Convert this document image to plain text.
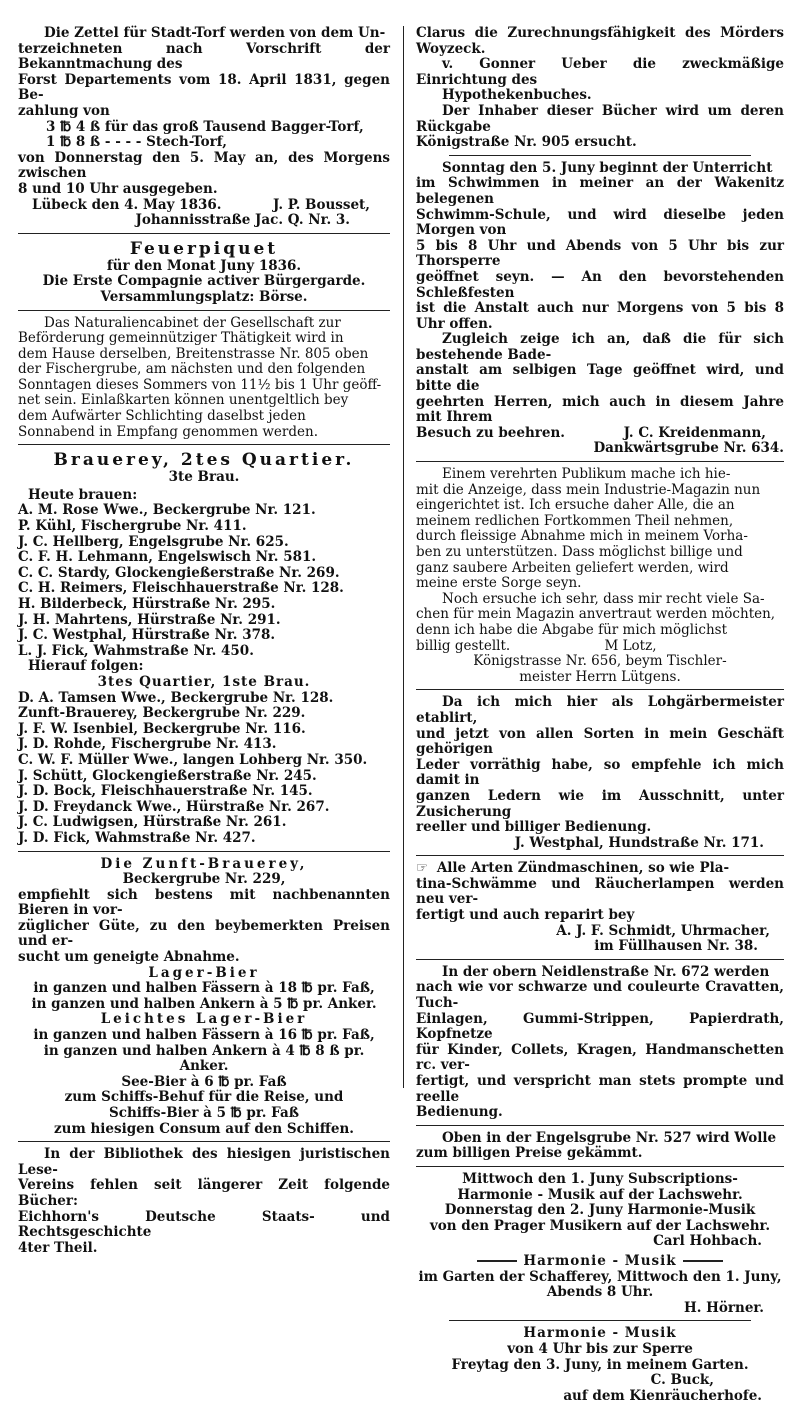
Die Zettel für Stadt-Torf werden von dem Un-

terzeichneten nach Vorschrift der Bekanntmachung des

Forst Departements vom 18. April 1831, gegen Be-

zahlung von

3 ℔ 4 ß für das groß Tausend Bagger-Torf,

1 ℔ 8 ß - - - - Stech-Torf,

von Donnerstag den 5. May an, des Morgens zwischen

8 und 10 Uhr ausgegeben.

Lübeck den 4. May 1836.	J. P. Bousset,

Johannisstraße Jac. Q. Nr. 3.

Feuerpiquet

für den Monat Juny 1836.

Die Erste Compagnie activer Bürgergarde.

Versammlungsplatz: Börse.

Das Naturaliencabinet der Gesellschaft zur

Beförderung gemeinnütziger Thätigkeit wird in

dem Hause derselben, Breitenstrasse Nr. 805 oben

der Fischergrube, am nächsten und den folgenden

Sonntagen dieses Sommers von 11½ bis 1 Uhr geöff-

net sein. Einlaßkarten können unentgeltlich bey

dem Aufwärter Schlichting daselbst jeden

Sonnabend in Empfang genommen werden.

Brauerey, 2tes Quartier.

3te Brau.

Heute brauen:

A. M. Rose Wwe., Beckergrube Nr. 121.

P. Kühl, Fischergrube Nr. 411.

J. C. Hellberg, Engelsgrube Nr. 625.

C. F. H. Lehmann, Engelswisch Nr. 581.

C. C. Stardy, Glockengießerstraße Nr. 269.

C. H. Reimers, Fleischhauerstraße Nr. 128.

H. Bilderbeck, Hürstraße Nr. 295.

J. H. Mahrtens, Hürstraße Nr. 291.

J. C. Westphal, Hürstraße Nr. 378.

L. J. Fick, Wahmstraße Nr. 450.

Hierauf folgen:

3tes Quartier, 1ste Brau.

D. A. Tamsen Wwe., Beckergrube Nr. 128.

Zunft-Brauerey, Beckergrube Nr. 229.

J. F. W. Isenbiel, Beckergrube Nr. 116.

J. D. Rohde, Fischergrube Nr. 413.

C. W. F. Müller Wwe., langen Lohberg Nr. 350.

J. Schütt, Glockengießerstraße Nr. 245.

J. D. Bock, Fleischhauerstraße Nr. 145.

J. D. Freydanck Wwe., Hürstraße Nr. 267.

J. C. Ludwigsen, Hürstraße Nr. 261.

J. D. Fick, Wahmstraße Nr. 427.

Die Zunft-Brauerey,

Beckergrube Nr. 229,

empfiehlt sich bestens mit nachbenannten Bieren in vor-

züglicher Güte, zu den beybemerkten Preisen und er-

sucht um geneigte Abnahme.

Lager-Bier

in ganzen und halben Fässern à 18 ℔ pr. Faß,

in ganzen und halben Ankern à 5 ℔ pr. Anker.

Leichtes Lager-Bier

in ganzen und halben Fässern à 16 ℔ pr. Faß,

in ganzen und halben Ankern à 4 ℔ 8 ß pr. Anker.

See-Bier à 6 ℔ pr. Faß

zum Schiffs-Behuf für die Reise, und

Schiffs-Bier à 5 ℔ pr. Faß

zum hiesigen Consum auf den Schiffen.

In der Bibliothek des hiesigen juristischen Lese-

Vereins fehlen seit längerer Zeit folgende Bücher:

Eichhorn's Deutsche Staats- und Rechtsgeschichte

4ter Theil.

Clarus die Zurechnungsfähigkeit des Mörders Woyzeck.

v. Gonner Ueber die zweckmäßige Einrichtung des

Hypothekenbuches.

Der Inhaber dieser Bücher wird um deren Rückgabe

Königstraße Nr. 905 ersucht.

Sonntag den 5. Juny beginnt der Unterricht

im Schwimmen in meiner an der Wakenitz belegenen

Schwimm-Schule, und wird dieselbe jeden Morgen von

5 bis 8 Uhr und Abends von 5 Uhr bis zur Thorsperre

geöffnet seyn. — An den bevorstehenden Schleßfesten

ist die Anstalt auch nur Morgens von 5 bis 8 Uhr offen.

Zugleich zeige ich an, daß die für sich bestehende Bade-

anstalt am selbigen Tage geöffnet wird, und bitte die

geehrten Herren, mich auch in diesem Jahre mit Ihrem

Besuch zu beehren.	J. C. Kreidenmann,

Dankwärtsgrube Nr. 634.

Einem verehrten Publikum mache ich hie-

mit die Anzeige, dass mein Industrie-Magazin nun

eingerichtet ist. Ich ersuche daher Alle, die an

meinem redlichen Fortkommen Theil nehmen,

durch fleissige Abnahme mich in meinem Vorha-

ben zu unterstützen. Dass möglichst billige und

ganz saubere Arbeiten geliefert werden, wird

meine erste Sorge seyn.

Noch ersuche ich sehr, dass mir recht viele Sa-

chen für mein Magazin anvertraut werden möchten,

denn ich habe die Abgabe für mich möglichst

billig gestellt.	M Lotz,

Königstrasse Nr. 656, beym Tischler-

meister Herrn Lütgens.

Da ich mich hier als Lohgärbermeister etablirt,

und jetzt von allen Sorten in mein Geschäft gehörigen

Leder vorräthig habe, so empfehle ich mich damit in

ganzen Ledern wie im Ausschnitt, unter Zusicherung

reeller und billiger Bedienung.

J. Westphal, Hundstraße Nr. 171.

☞ Alle Arten Zündmaschinen, so wie Pla-

tina-Schwämme und Räucherlampen werden neu ver-

fertigt und auch reparirt bey

A. J. F. Schmidt, Uhrmacher,

im Füllhausen Nr. 38.

In der obern Neidlenstraße Nr. 672 werden

nach wie vor schwarze und couleurte Cravatten, Tuch-

Einlagen, Gummi-Strippen, Papierdrath, Kopfnetze

für Kinder, Collets, Kragen, Handmanschetten rc. ver-

fertigt, und verspricht man stets prompte und reelle

Bedienung.

Oben in der Engelsgrube Nr. 527 wird Wolle

zum billigen Preise gekämmt.

Mittwoch den 1. Juny Subscriptions-

Harmonie - Musik auf der Lachswehr.

Donnerstag den 2. Juny Harmonie-Musik

von den Prager Musikern auf der Lachswehr.

Carl Hohbach.

Harmonie - Musik

im Garten der Schafferey, Mittwoch den 1. Juny,

Abends 8 Uhr.

H. Hörner.

Harmonie - Musik

von 4 Uhr bis zur Sperre

Freytag den 3. Juny, in meinem Garten.

C. Buck,

auf dem Kienräucherhofe.
